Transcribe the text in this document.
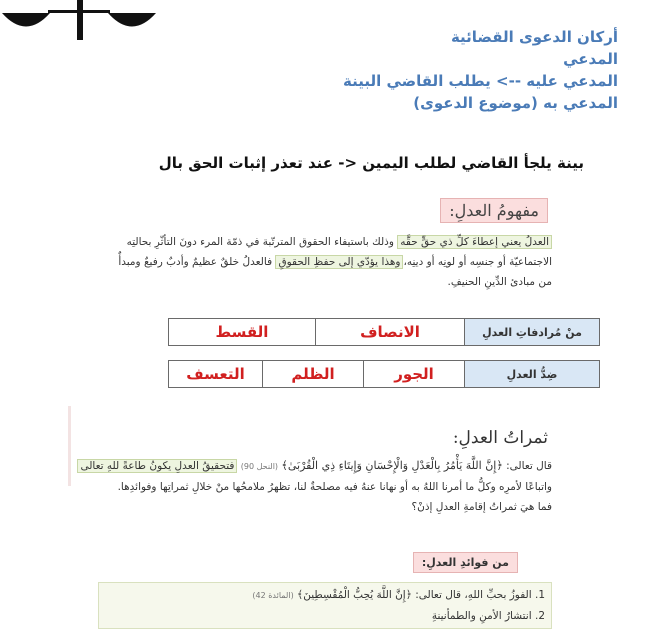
أركان الدعوى القضائية
المدعي
المدعي عليه --> يطلب القاضي البينة
المدعي به (موضوع الدعوى)
بينة يلجأ القاضي لطلب اليمين <- عند تعذر إثبات الحق بال
مفهومُ العدلِ:
العدلُ يعني إعطاءَ كلِّ ذي حقٍّ حقَّه وذلك باستيفاء الحقوق المترتّبة في ذمّة المرء دونَ التأثّرِ بحالتِه
الاجتماعيّة أو جنسِه أو لونِه أو دينِه،وهذا يؤدّي إلى حفظِ الحقوقِ فالعدلُ خلقٌ عظيمٌ وأدبٌ رفيعٌ ومبدأٌ
من مبادئ الدِّينِ الحنيفِ.
منْ مُرادفاتِ العدلِ	الانصاف	القسط
ضِدُّ العدلِ	الجور	الظلم	التعسف
ثمراتُ العدلِ:
قال تعالى: ﴿إِنَّ اللَّهَ يَأْمُرُ بِالْعَدْلِ وَالْإِحْسَانِ وَإِيتَاءِ ذِي الْقُرْبَىٰ﴾ (النحل 90) فتحقيقُ العدلِ يكونُ طاعةً للهِ تعالى
واتباعًا لأمرِه وكلُّ ما أمرنا اللهُ به أو نهانا عنهُ فيه مصلحةٌ لنا، تظهرُ ملامحُها منْ خلالِ ثمراتِها وفوائدِها.
فما هيَ ثمراتُ إقامةِ العدلِ إذنْ؟
من فوائدِ العدلِ:
1. الفوزُ بحبِّ اللهِ، قال تعالى: ﴿إِنَّ اللَّهَ يُحِبُّ الْمُقْسِطِينَ﴾ (المائدة 42)
2. انتشارُ الأمنِ والطمأنينةِ
